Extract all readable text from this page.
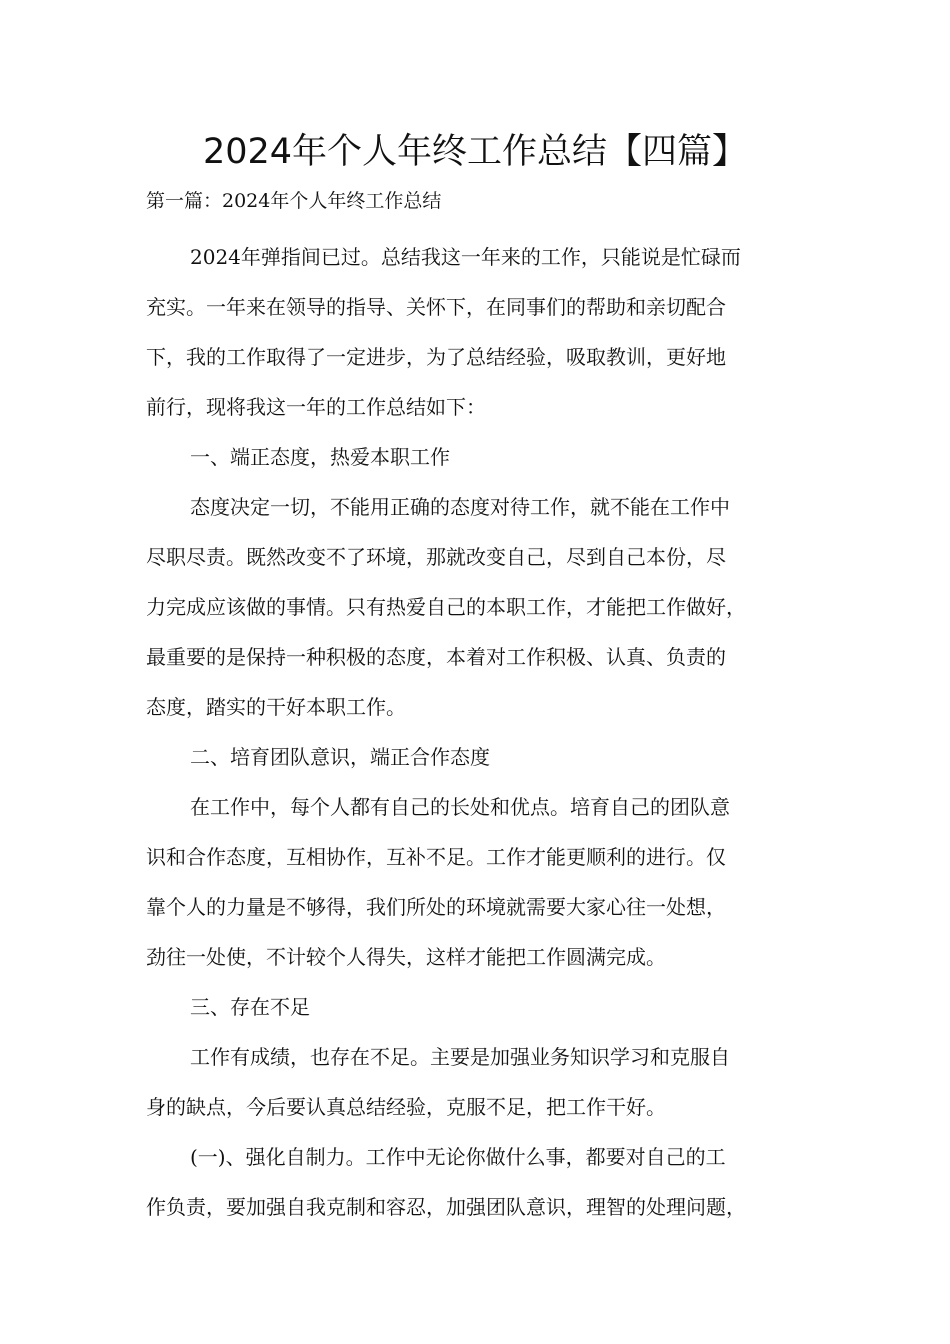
2024年个人年终工作总结【四篇】
第一篇：2024年个人年终工作总结
2024年弹指间已过。总结我这一年来的工作，只能说是忙碌而
充实。一年来在领导的指导、关怀下，在同事们的帮助和亲切配合
下，我的工作取得了一定进步，为了总结经验，吸取教训，更好地
前行，现将我这一年的工作总结如下：
一、端正态度，热爱本职工作
态度决定一切，不能用正确的态度对待工作，就不能在工作中
尽职尽责。既然改变不了环境，那就改变自己，尽到自己本份，尽
力完成应该做的事情。只有热爱自己的本职工作，才能把工作做好，
最重要的是保持一种积极的态度，本着对工作积极、认真、负责的
态度，踏实的干好本职工作。
二、培育团队意识，端正合作态度
在工作中，每个人都有自己的长处和优点。培育自己的团队意
识和合作态度，互相协作，互补不足。工作才能更顺利的进行。仅
靠个人的力量是不够得，我们所处的环境就需要大家心往一处想，
劲往一处使，不计较个人得失，这样才能把工作圆满完成。
三、存在不足
工作有成绩，也存在不足。主要是加强业务知识学习和克服自
身的缺点，今后要认真总结经验，克服不足，把工作干好。
(一)、强化自制力。工作中无论你做什么事，都要对自己的工
作负责，要加强自我克制和容忍，加强团队意识，理智的处理问题，
